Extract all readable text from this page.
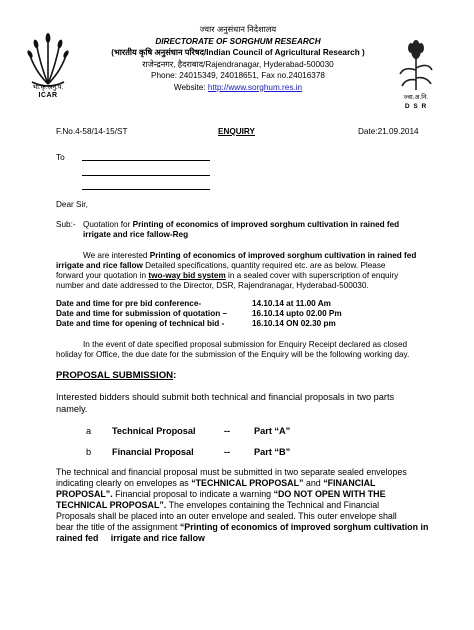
भा.कृ.अनु.प.
ICAR
ज्वार अनुसंधान निदेशालय
DIRECTORATE OF SORGHUM RESEARCH
(भारतीय कृषि अनुसंधान परिषद/Indian Council of Agricultural Research )
राजेन्द्रनगर, हैदराबाद/Rajendranagar, Hyderabad-500030
Phone: 24015349, 24018651, Fax no.24016378
Website: http://www.sorghum.res.in
ज्वा.अ.नि.
D S R
F.No.4-58/14-15/ST	ENQUIRY	Date:21.09.2014
To
Dear Sir,
Sub:- Quotation for Printing of economics of improved sorghum cultivation in rained fed
irrigate and rice fallow-Reg
We are interested Printing of economics of improved sorghum cultivation in rained fed
irrigate and rice fallow Detailed specifications, quantity required etc. are as below. Please
forward your quotation in two-way bid system in a sealed cover with superscription of enquiry
number and date addressed to the Director, DSR, Rajendranagar, Hyderabad-500030.
Date and time for pre bid conference-	14.10.14 at 11.00 Am
Date and time for submission of quotation –	16.10.14 upto 02.00 Pm
Date and time for opening of technical bid -	16.10.14 ON 02.30 pm
In the event of date specified proposal submission for Enquiry Receipt declared as closed
holiday for Office, the due date for the submission of the Enquiry will be the following working day.
PROPOSAL SUBMISSION:
Interested bidders should submit both technical and financial proposals in two parts
namely.
a Technical Proposal	--	Part “A”
b Financial Proposal	--	Part “B”
The technical and financial proposal must be submitted in two separate sealed envelopes
indicating clearly on envelopes as “TECHNICAL PROPOSAL” and “FINANCIAL
PROPOSAL”. Financial proposal to indicate a warning “DO NOT OPEN WITH THE
TECHNICAL PROPOSAL”. The envelopes containing the Technical and Financial
Proposals shall be placed into an outer envelope and sealed. This outer envelope shall
bear the title of the assignment “Printing of economics of improved sorghum cultivation in
rained fed     irrigate and rice fallow
